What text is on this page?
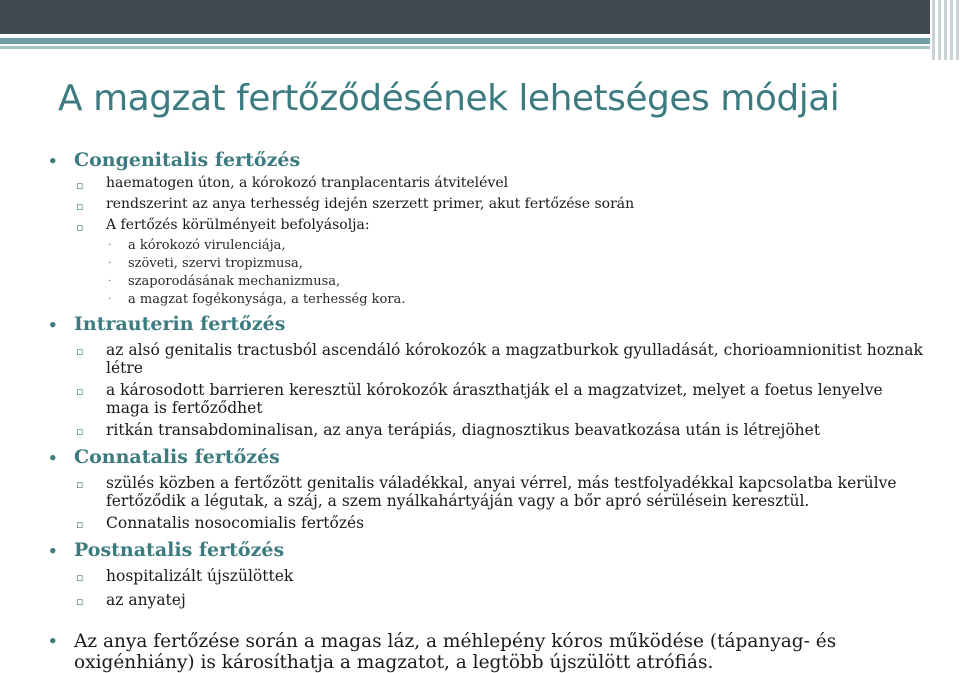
A magzat fertőződésének lehetséges módjai
• Congenitalis fertőzés
▫	haematogen úton, a kórokozó tranplacentaris átvitelével
▫	rendszerint az anya terhesség idején szerzett primer, akut fertőzése során
▫	A fertőzés körülményeit befolyásolja:
·	a kórokozó virulenciája,
·	szöveti, szervi tropizmusa,
·	szaporodásának mechanizmusa,
·	a magzat fogékonysága, a terhesség kora.
• Intrauterin fertőzés
▫	az alsó genitalis tractusból ascendáló kórokozók a magzatburkok gyulladását, chorioamnionitist hoznak létre
▫	a károsodott barrieren keresztül kórokozók áraszthatják el a magzatvizet, melyet a foetus lenyelve maga is fertőződhet
▫	ritkán transabdominalisan, az anya terápiás, diagnosztikus beavatkozása után is létrejöhet
• Connatalis fertőzés
▫	szülés közben a fertőzött genitalis váladékkal, anyai vérrel, más testfolyadékkal kapcsolatba kerülve fertőződik a légutak, a száj, a szem nyálkahártyáján vagy a bőr apró sérülésein keresztül.
▫	Connatalis nosocomialis fertőzés
• Postnatalis fertőzés
▫	hospitalizált újszülöttek
▫	az anyatej
• Az anya fertőzése során a magas láz, a méhlepény kóros működése (tápanyag- és oxigénhiány) is károsíthatja a magzatot, a legtöbb újszülött atrófiás.
